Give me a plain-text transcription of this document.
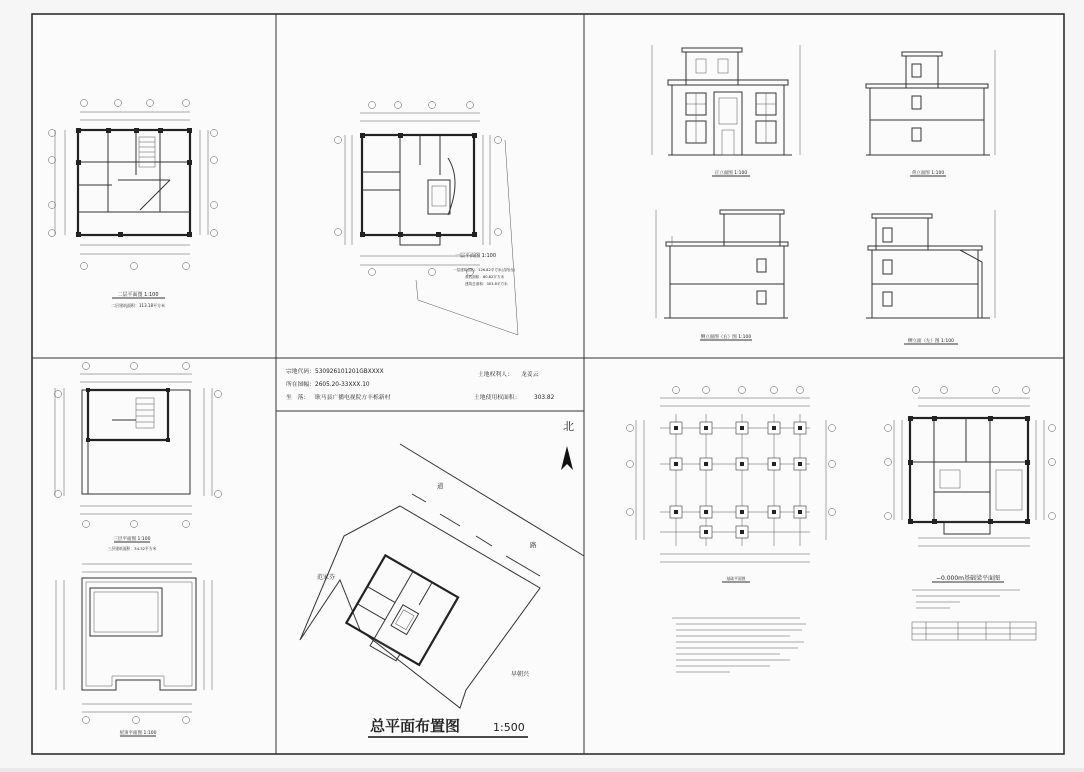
二层平面图 1:100
二层建筑面积：113.18平方米
一层平面图 1:100
一层建筑面积：126.82平方米(含阳台)
基底面积：80.82平方米
建筑总面积：303.8平方米
正立面图 1:100	背立面图 1:100
侧立面图（右）图 1:100
侧立面（左）图 1:100
三层平面图 1:100
三层建筑面积：34.32平方米
屋顶平面图 1:100
宗地代码： 530926101201GBXXXX	土地权利人： 龙姜云
所在图幅： 2605.20-33XXX.10
坐　落： 耿马县广播电视院方丰栎新村	土地使用权面积： 303.82
北
道
路
范家芬
早朝兴
总平面布置图	1:500
基础平面图	−0.000m基础梁平面图
